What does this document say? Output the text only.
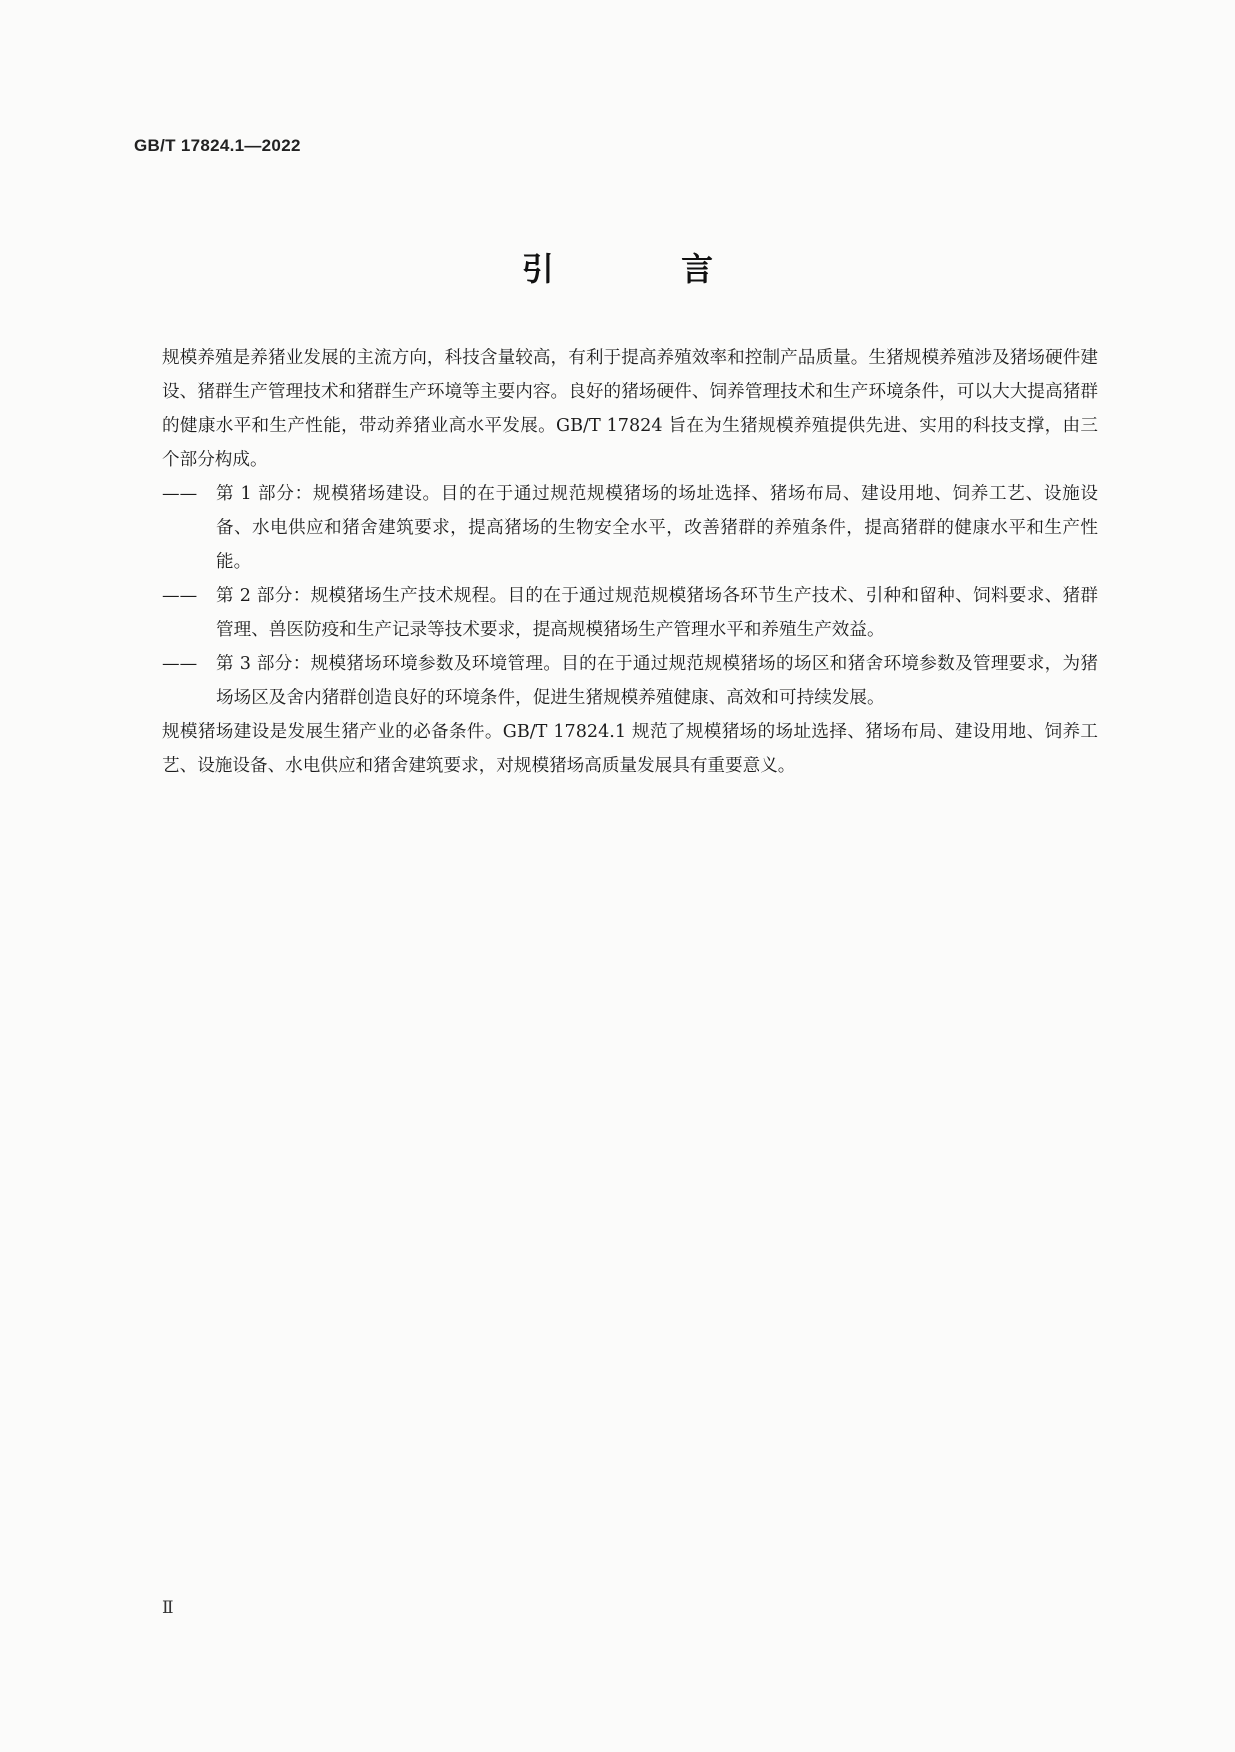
GB/T 17824.1—2022
引 言

规模养殖是养猪业发展的主流方向，科技含量较高，有利于提高养殖效率和控制产品质量。生猪规模养殖涉及猪场硬件建设、猪群生产管理技术和猪群生产环境等主要内容。良好的猪场硬件、饲养管理技术和生产环境条件，可以大大提高猪群的健康水平和生产性能，带动养猪业高水平发展。GB/T 17824 旨在为生猪规模养殖提供先进、实用的科技支撑，由三个部分构成。

——	第 1 部分：规模猪场建设。目的在于通过规范规模猪场的场址选择、猪场布局、建设用地、饲养工艺、设施设备、水电供应和猪舍建筑要求，提高猪场的生物安全水平，改善猪群的养殖条件，提高猪群的健康水平和生产性能。
——	第 2 部分：规模猪场生产技术规程。目的在于通过规范规模猪场各环节生产技术、引种和留种、饲料要求、猪群管理、兽医防疫和生产记录等技术要求，提高规模猪场生产管理水平和养殖生产效益。
——	第 3 部分：规模猪场环境参数及环境管理。目的在于通过规范规模猪场的场区和猪舍环境参数及管理要求，为猪场场区及舍内猪群创造良好的环境条件，促进生猪规模养殖健康、高效和可持续发展。

规模猪场建设是发展生猪产业的必备条件。GB/T 17824.1 规范了规模猪场的场址选择、猪场布局、建设用地、饲养工艺、设施设备、水电供应和猪舍建筑要求，对规模猪场高质量发展具有重要意义。

Ⅱ
